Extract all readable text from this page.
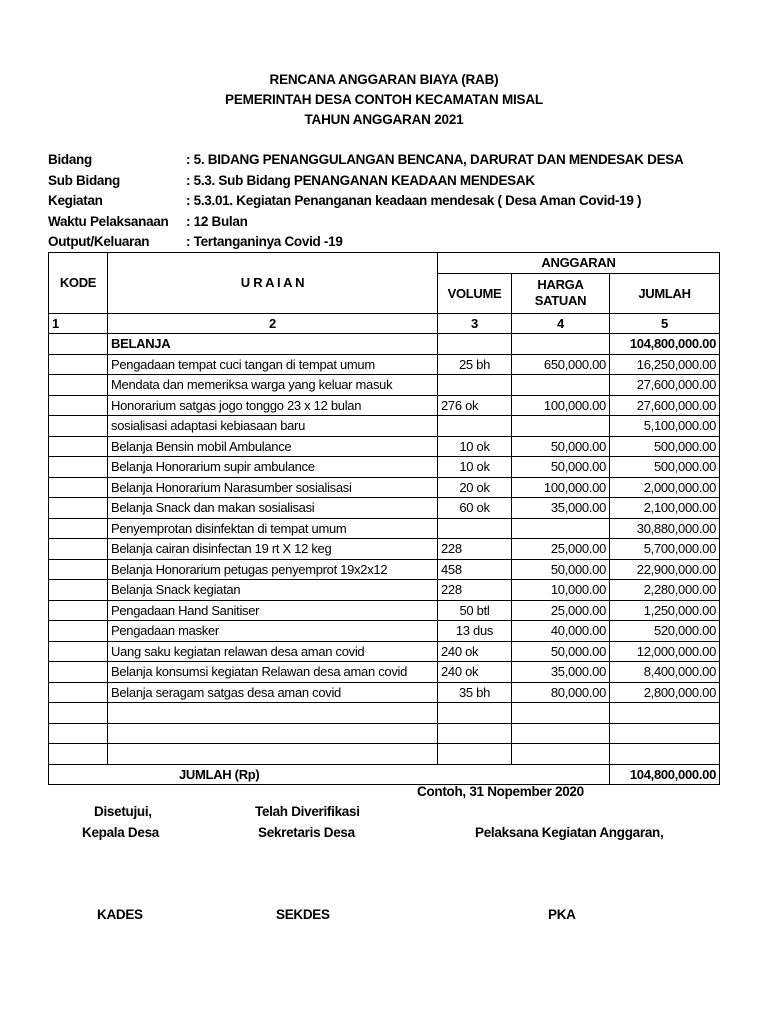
RENCANA ANGGARAN BIAYA (RAB)
PEMERINTAH DESA CONTOH KECAMATAN MISAL
TAHUN ANGGARAN 2021
Bidang	: 5. BIDANG PENANGGULANGAN BENCANA, DARURAT DAN MENDESAK DESA
Sub Bidang	: 5.3. Sub Bidang PENANGANAN KEADAAN MENDESAK
Kegiatan	: 5.3.01. Kegiatan Penanganan keadaan mendesak ( Desa Aman Covid-19 )
Waktu Pelaksanaan : 12 Bulan
Output/Keluaran	: Tertanganinya Covid -19
KODE	U R A I A N	ANGGARAN		
		VOLUME	HARGA SATUAN	JUMLAH
1	2	3	4	5
	BELANJA			104,800,000.00
	Pengadaan tempat cuci tangan di tempat umum	25 bh	650,000.00	16,250,000.00
	Mendata dan memeriksa warga yang keluar masuk			27,600,000.00
	Honorarium satgas jogo tonggo 23 x 12 bulan	276 ok	100,000.00	27,600,000.00
	sosialisasi adaptasi kebiasaan baru			5,100,000.00
	Belanja Bensin mobil Ambulance	10 ok	50,000.00	500,000.00
	Belanja Honorarium supir ambulance	10 ok	50,000.00	500,000.00
	Belanja Honorarium Narasumber sosialisasi	20 ok	100,000.00	2,000,000.00
	Belanja Snack dan makan sosialisasi	60 ok	35,000.00	2,100,000.00
	Penyemprotan disinfektan di tempat umum			30,880,000.00
	Belanja cairan disinfectan 19 rt X 12 keg	228	25,000.00	5,700,000.00
	Belanja Honorarium petugas penyemprot 19x2x12	458	50,000.00	22,900,000.00
	Belanja Snack kegiatan	228	10,000.00	2,280,000.00
	Pengadaan Hand Sanitiser	50 btl	25,000.00	1,250,000.00
	Pengadaan masker	13 dus	40,000.00	520,000.00
	Uang saku kegiatan relawan desa aman covid	240 ok	50,000.00	12,000,000.00
	Belanja konsumsi kegiatan Relawan desa aman covid	240 ok	35,000.00	8,400,000.00
	Belanja seragam satgas desa aman covid	35 bh	80,000.00	2,800,000.00

JUMLAH (Rp)				104,800,000.00
Contoh, 31 Nopember 2020
Disetujui,
Kepala Desa
Telah Diverifikasi
Sekretaris Desa	Pelaksana Kegiatan Anggaran,
KADES	SEKDES	PKA
